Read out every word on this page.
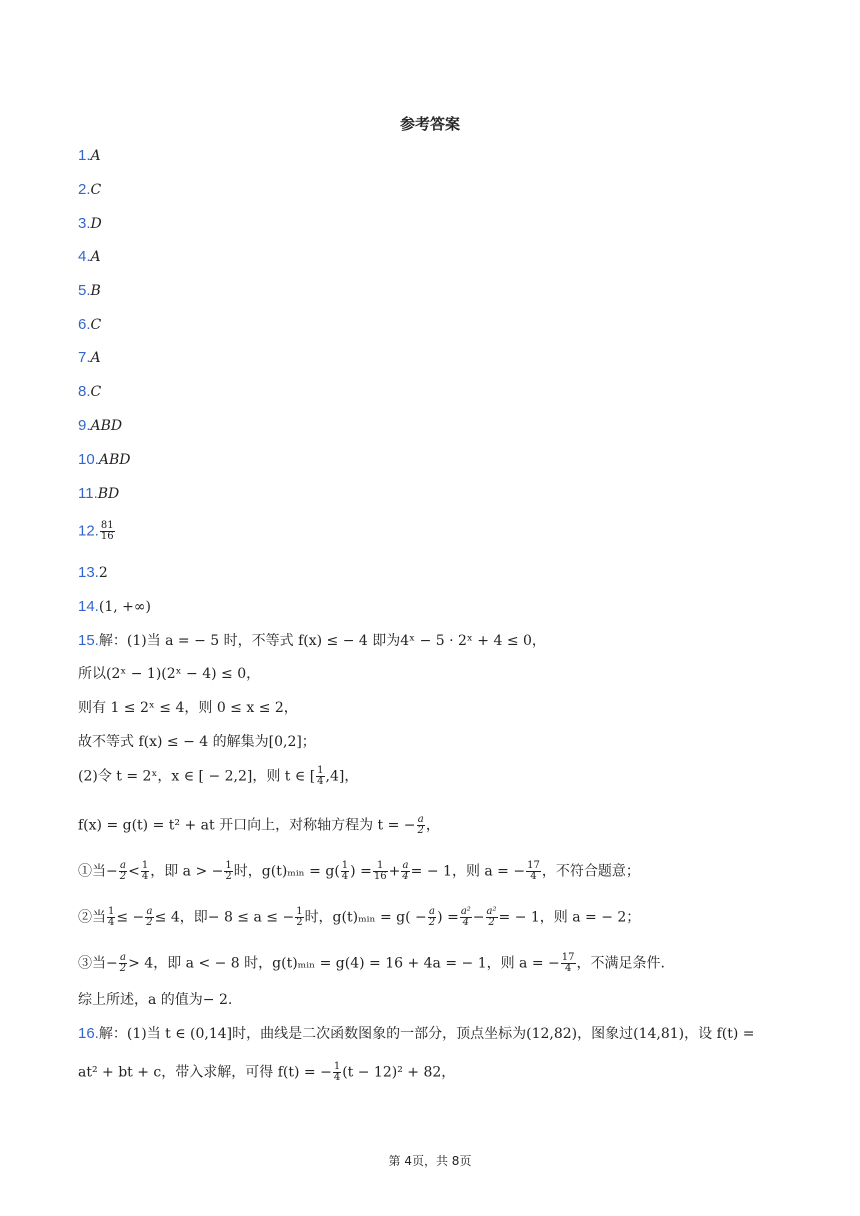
参考答案
1.A
2.C
3.D
4.A
5.B
6.C
7.A
8.C
9.ABD
10.ABD
11.BD
12. $\frac{81}{16}$
13.2
14.(1, +∞)
15.解：(1)当 a = − 5 时，不等式 f(x) ≤ − 4 即为4ˣ − 5 · 2ˣ + 4 ≤ 0，
所以(2ˣ − 1)(2ˣ − 4) ≤ 0，
则有 1 ≤ 2ˣ ≤ 4，则 0 ≤ x ≤ 2，
故不等式 f(x) ≤ − 4 的解集为[0,2]；
(2)令 t = 2ˣ，x ∈ [ − 2,2]，则 t ∈ [ $\frac{1}{4} ,4$]，
f(x) = g(t) = t² + at 开口向上，对称轴方程为 t = − $\frac{a}{2}$ ，
①当− $\frac{a}{2} < \frac{1}{4}$ ，即 a > − $\frac{1}{2}$ 时，g(t)ₘᵢₙ = $g( \frac{1}{4}$ ) = $\frac{1}{16} + \frac{a}{4}$ = − 1，则 a = − $\frac{17}{4}$ ，不符合题意；
②当 $\frac{1}{4}$ ≤ − $\frac{a}{2} \le 4$，即− 8 ≤ a ≤ − $\frac{1}{2}$ 时，g(t)ₘᵢₙ = $g( - \frac{a}{2}$ ) = $\frac{\text{a²}}{4} - \frac{\text{a²}}{2}$ = − 1，则 a = − 2；
③当− $\frac{a}{2} > 4$，即 a < − 8 时，g(t)ₘᵢₙ = g(4) = 16 + 4a = − 1，则 a = − $\frac{17}{4}$ ，不满足条件.
综上所述，a 的值为− 2.
16.解：(1)当 t ∈ (0,14]时，曲线是二次函数图象的一部分，顶点坐标为(12,82)，图象过(14,81)，设 f(t) =
at² + bt + c，带入求解，可得 f(t) = − $\frac{1}{4} (t - 12)^2 + 82$，
第 4页，共 8页
